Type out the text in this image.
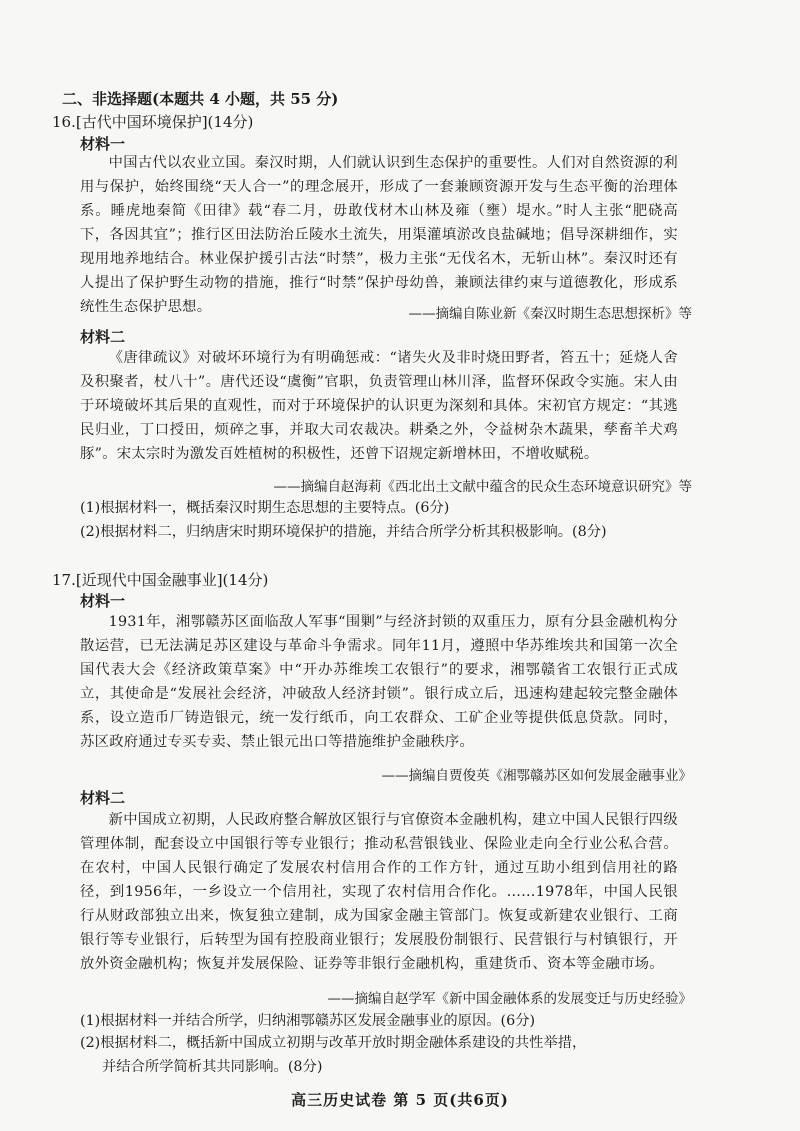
二、非选择题(本题共 4 小题，共 55 分)
16.[古代中国环境保护](14分)
材料一
中国古代以农业立国。秦汉时期，人们就认识到生态保护的重要性。人们对自然资源的利用与保护，始终围绕“天人合一”的理念展开，形成了一套兼顾资源开发与生态平衡的治理体系。睡虎地秦简《田律》载“春二月，毋敢伐材木山林及雍（壅）堤水。”时人主张“肥硗高下，各因其宜”；推行区田法防治丘陵水土流失，用渠灌填淤改良盐碱地；倡导深耕细作，实现用地养地结合。林业保护援引古法“时禁”，极力主张“无伐名木，无斩山林”。秦汉时还有人提出了保护野生动物的措施，推行“时禁”保护母幼兽，兼顾法律约束与道德教化，形成系统性生态保护思想。	——摘编自陈业新《秦汉时期生态思想探析》等
材料二
《唐律疏议》对破坏环境行为有明确惩戒：“诸失火及非时烧田野者，笞五十；延烧人舍及积聚者，杖八十”。唐代还设“虞衡”官职，负责管理山林川泽，监督环保政令实施。宋人由于环境破坏其后果的直观性，而对于环境保护的认识更为深刻和具体。宋初官方规定：“其逃民归业，丁口授田，烦碎之事，并取大司农裁决。耕桑之外，令益树杂木蔬果，孳畜羊犬鸡豚”。宋太宗时为激发百姓植树的积极性，还曾下诏规定新增林田，不增收赋税。
——摘编自赵海莉《西北出土文献中蕴含的民众生态环境意识研究》等
(1)根据材料一，概括秦汉时期生态思想的主要特点。(6分)
(2)根据材料二，归纳唐宋时期环境保护的措施，并结合所学分析其积极影响。(8分)
17.[近现代中国金融事业](14分)
材料一
1931年，湘鄂赣苏区面临敌人军事“围剿”与经济封锁的双重压力，原有分县金融机构分散运营，已无法满足苏区建设与革命斗争需求。同年11月，遵照中华苏维埃共和国第一次全国代表大会《经济政策草案》中“开办苏维埃工农银行”的要求，湘鄂赣省工农银行正式成立，其使命是“发展社会经济，冲破敌人经济封锁”。银行成立后，迅速构建起较完整金融体系，设立造币厂铸造银元，统一发行纸币，向工农群众、工矿企业等提供低息贷款。同时，苏区政府通过专买专卖、禁止银元出口等措施维护金融秩序。
——摘编自贾俊英《湘鄂赣苏区如何发展金融事业》
材料二
新中国成立初期，人民政府整合解放区银行与官僚资本金融机构，建立中国人民银行四级管理体制，配套设立中国银行等专业银行；推动私营银钱业、保险业走向全行业公私合营。在农村，中国人民银行确定了发展农村信用合作的工作方针，通过互助小组到信用社的路径，到1956年，一乡设立一个信用社，实现了农村信用合作化。……1978年，中国人民银行从财政部独立出来，恢复独立建制，成为国家金融主管部门。恢复或新建农业银行、工商银行等专业银行，后转型为国有控股商业银行；发展股份制银行、民营银行与村镇银行，开放外资金融机构；恢复并发展保险、证券等非银行金融机构，重建货币、资本等金融市场。
——摘编自赵学军《新中国金融体系的发展变迁与历史经验》
(1)根据材料一并结合所学，归纳湘鄂赣苏区发展金融事业的原因。(6分)
(2)根据材料二，概括新中国成立初期与改革开放时期金融体系建设的共性举措，
并结合所学简析其共同影响。(8分)
高三历史试卷 第 5 页(共6页)
